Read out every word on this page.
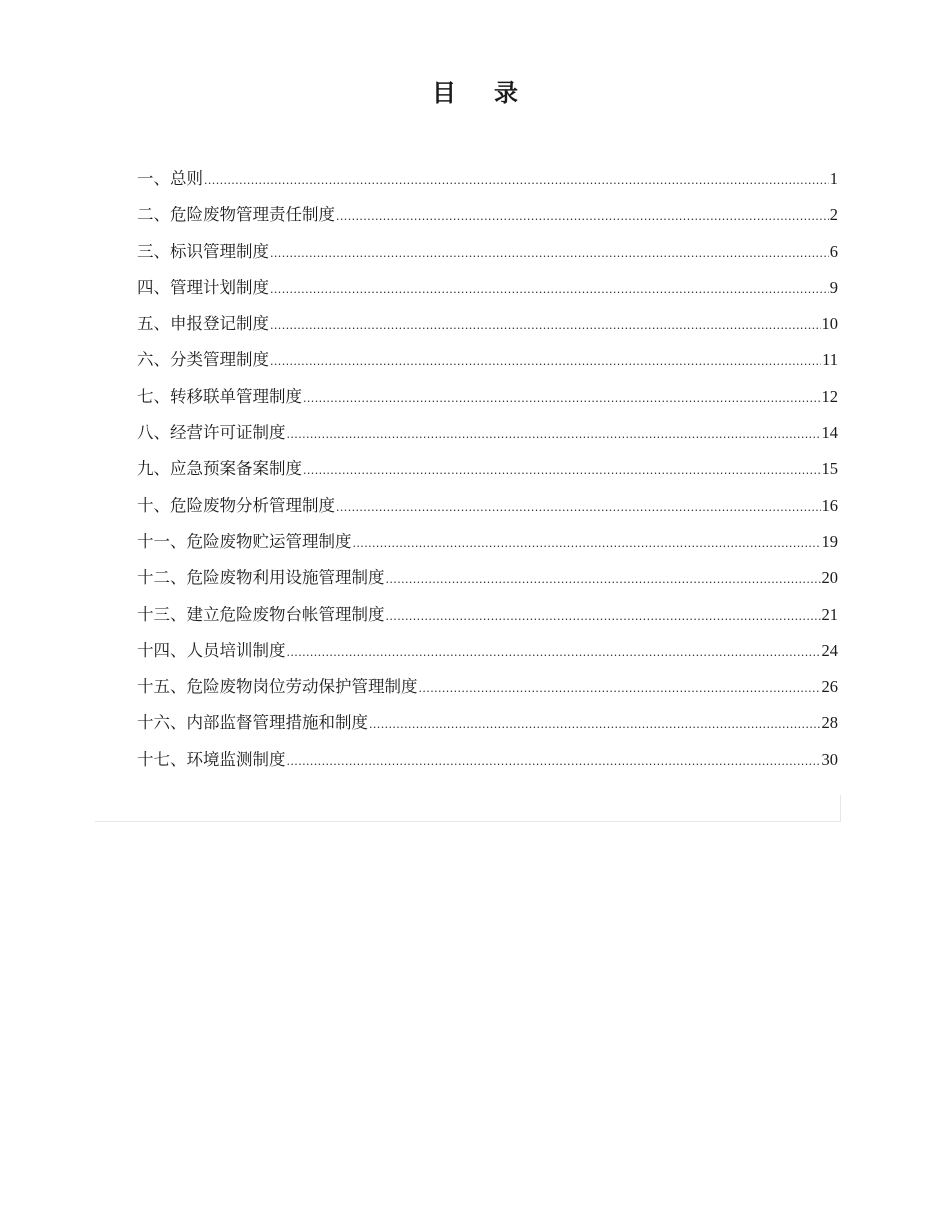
目 录
一、总则 .....	1
二、危险废物管理责任制度 .....	2
三、标识管理制度 .....	6
四、管理计划制度 .....	9
五、申报登记制度 .....	10
六、分类管理制度 .....	11
七、转移联单管理制度 .....	12
八、经营许可证制度 .....	14
九、应急预案备案制度 .....	15
十、危险废物分析管理制度 .....	16
十一、危险废物贮运管理制度 .....	19
十二、危险废物利用设施管理制度 .....	20
十三、建立危险废物台帐管理制度 .....	21
十四、人员培训制度 .....	24
十五、危险废物岗位劳动保护管理制度 .....	26
十六、内部监督管理措施和制度 .....	28
十七、环境监测制度 .....	30
